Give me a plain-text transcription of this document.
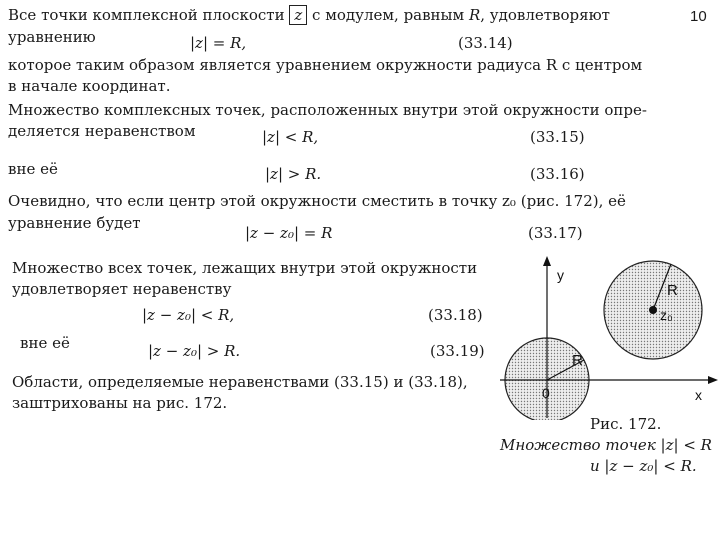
10
Все точки комплексной плоскости z с модулем, равным R, удовлетворяют
уравнению	|z| = R,	(33.14)
которое таким образом является уравнением окружности радиуса R с центром
в начале координат.
Множество комплексных точек, расположенных внутри этой окружности опре-
деляется неравенством	|z| < R,	(33.15)
вне её	|z| > R.	(33.16)
Очевидно, что если центр этой окружности сместить в точку z₀ (рис. 172), её
уравнение будет
|z − z₀| = R	(33.17)
Множество всех точек, лежащих внутри этой окружности
удовлетворяет неравенству
|z − z₀| < R,	(33.18)
вне её	|z − z₀| > R.	(33.19)
Области, определяемые неравенствами (33.15) и (33.18),
заштрихованы на рис. 172.
y
x
0
R
R
z₀
Рис. 172.
Множество точек |z| < R
и |z − z₀| < R.
